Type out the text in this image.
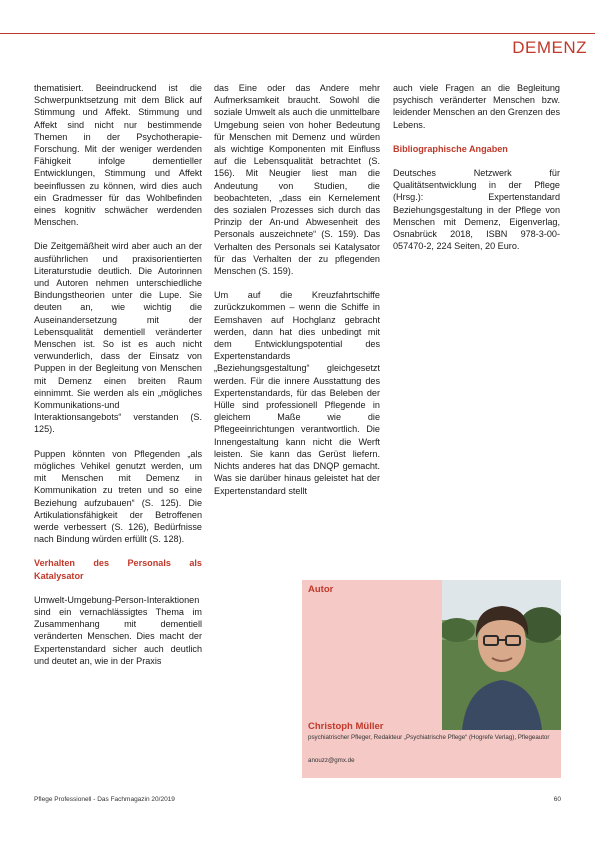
DEMENZ

thematisiert. Beeindruckend ist die Schwerpunktsetzung mit dem Blick auf Stimmung und Affekt. Stimmung und Affekt sind nicht nur bestimmende Themen in der Psychotherapie-Forschung. Mit der weniger werdenden Fähigkeit infolge dementieller Entwicklungen, Stimmung und Affekt beeinflussen zu können, wird dies auch ein Gradmesser für das Wohlbefinden eines kognitiv schwächer werdenden Menschen.

Die Zeitgemäßheit wird aber auch an der ausführlichen und praxisorientierten Literaturstudie deutlich. Die Autorinnen und Autoren nehmen unterschiedliche Bindungstheorien unter die Lupe. Sie deuten an, wie wichtig die Auseinandersetzung mit der Lebensqualität dementiell veränderter Menschen ist. So ist es auch nicht verwunderlich, dass der Einsatz von Puppen in der Begleitung von Menschen mit Demenz einen breiten Raum einnimmt. Sie werden als ein „mögliches Kommunikations-und Interaktionsangebots“ verstanden (S. 125).

Puppen könnten von Pflegenden „als mögliches Vehikel genutzt werden, um mit Menschen mit Demenz in Kommunikation zu treten und so eine Beziehung aufzubauen“ (S. 125). Die Artikulationsfähigkeit der Betroffenen werde verbessert (S. 126), Bedürfnisse nach Bindung würden erfüllt (S. 128).

Verhalten des Personals als Katalysator

Umwelt-Umgebung-Person-Interaktionen sind ein vernachlässigtes Thema im Zusammenhang mit dementiell veränderten Menschen. Dies macht der Expertenstandard sicher auch deutlich und deutet an, wie in der Praxis

das Eine oder das Andere mehr Aufmerksamkeit braucht. Sowohl die soziale Umwelt als auch die unmittelbare Umgebung seien von hoher Bedeutung für Menschen mit Demenz und würden als wichtige Komponenten mit Einfluss auf die Lebensqualität betrachtet (S. 156). Mit Neugier liest man die Andeutung von Studien, die beobachteten, „dass ein Kernelement des sozialen Prozesses sich durch das Prinzip der An-und Abwesenheit des Personals auszeichnete“ (S. 159). Das Verhalten des Personals sei Katalysator für das Verhalten der zu pflegenden Menschen (S. 159).

Um auf die Kreuzfahrtschiffe zurückzukommen – wenn die Schiffe in Eemshaven auf Hochglanz gebracht werden, dann hat dies unbedingt mit dem Entwicklungspotential des Expertenstandards „Beziehungsgestaltung“ gleichgesetzt werden. Für die innere Ausstattung des Expertenstandards, für das Beleben der Hülle sind professionell Pflegende in gleichem Maße wie die Pflegeeinrichtungen verantwortlich. Die Innengestaltung kann nicht die Werft leisten. Sie kann das Gerüst liefern. Nichts anderes hat das DNQP gemacht. Was sie darüber hinaus geleistet hat der Expertenstandard stellt

auch viele Fragen an die Begleitung psychisch veränderter Menschen bzw. leidender Menschen an den Grenzen des Lebens.

Bibliographische Angaben

Deutsches Netzwerk für Qualitätsentwicklung in der Pflege (Hrsg.): Expertenstandard Beziehungsgestaltung in der Pflege von Menschen mit Demenz, Eigenverlag, Osnabrück 2018, ISBN 978-3-00-057470-2, 224 Seiten, 20 Euro.

Autor
Christoph Müller
psychiatrischer Pfleger, Redakteur „Psychiatrische Pflege“ (Hogrefe Verlag), Pflegeautor
anouzz@gmx.de
Pflege Professionell - Das Fachmagazin 20/2019	60
